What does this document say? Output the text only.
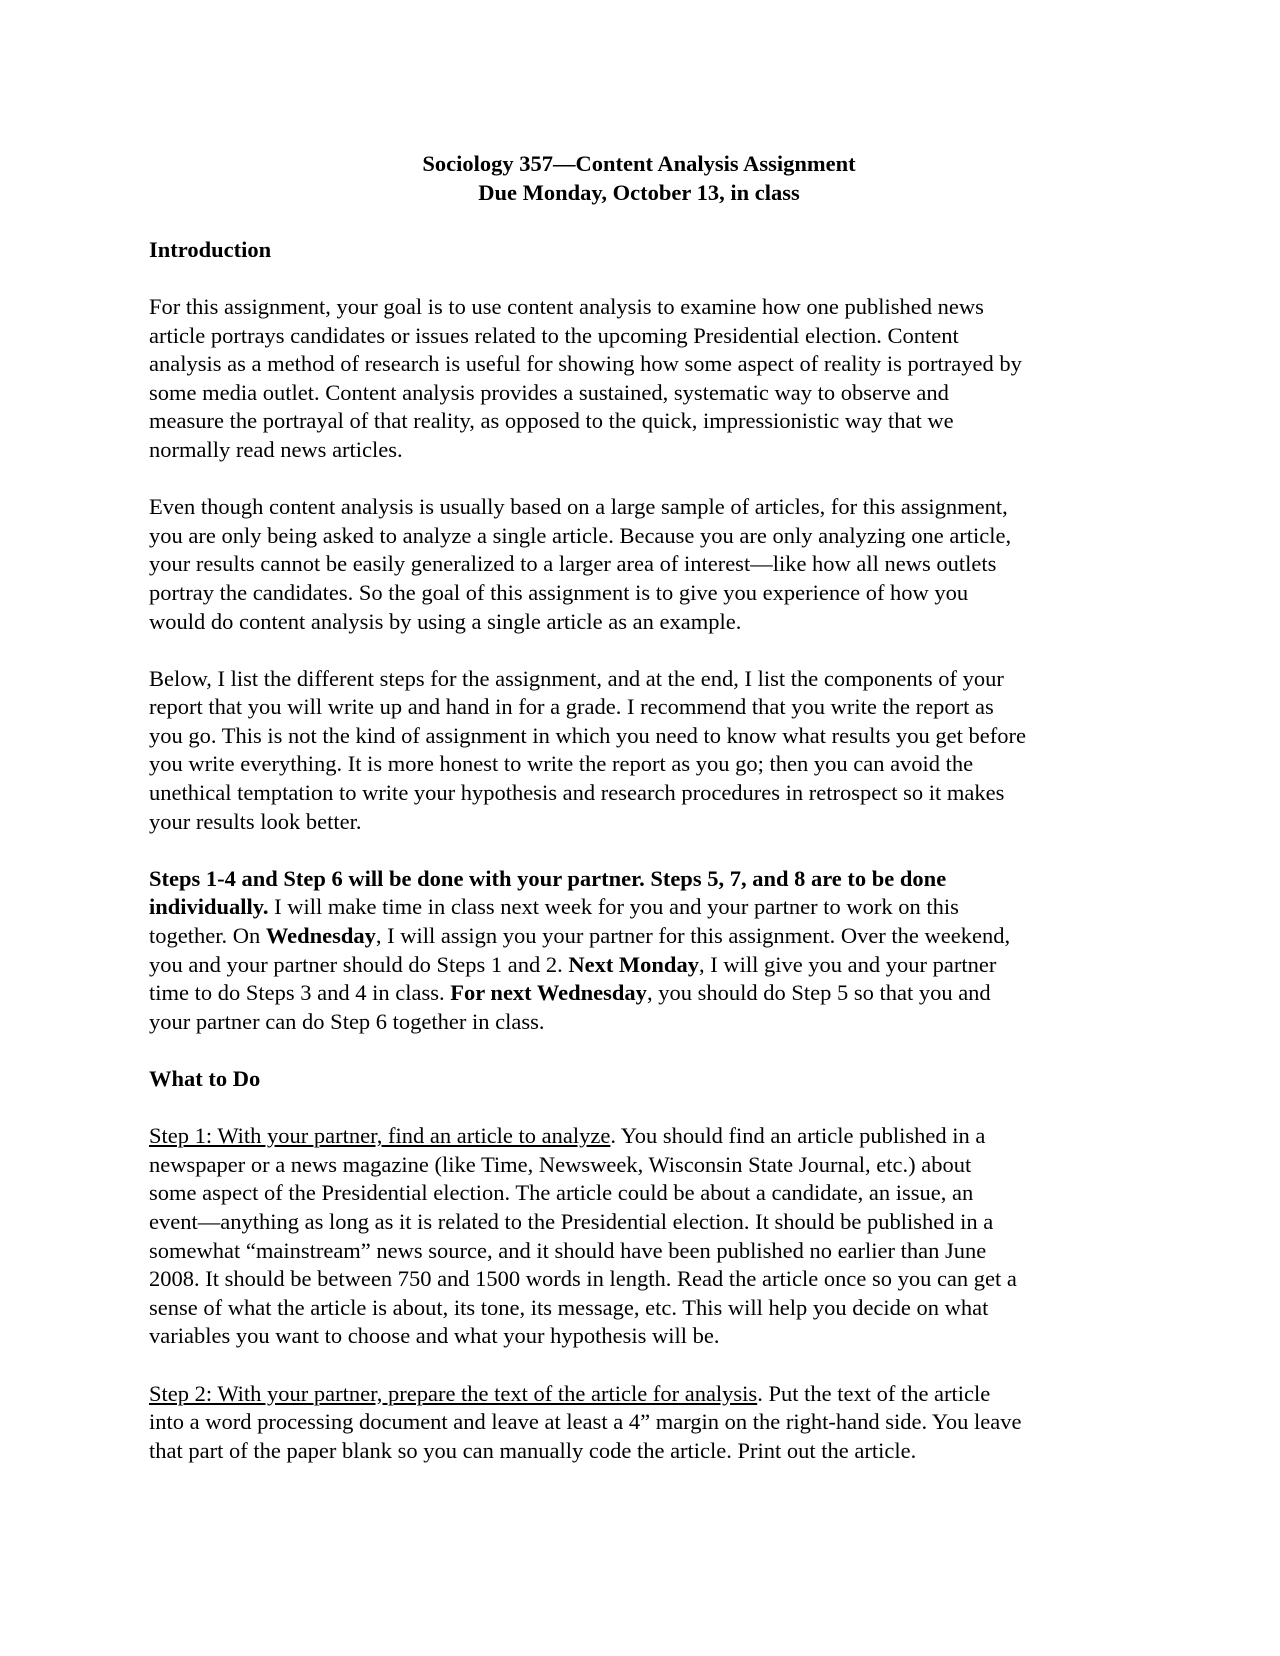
Sociology 357—Content Analysis Assignment
Due Monday, October 13, in class
Introduction

For this assignment, your goal is to use content analysis to examine how one published news
article portrays candidates or issues related to the upcoming Presidential election. Content
analysis as a method of research is useful for showing how some aspect of reality is portrayed by
some media outlet. Content analysis provides a sustained, systematic way to observe and
measure the portrayal of that reality, as opposed to the quick, impressionistic way that we
normally read news articles.

Even though content analysis is usually based on a large sample of articles, for this assignment,
you are only being asked to analyze a single article. Because you are only analyzing one article,
your results cannot be easily generalized to a larger area of interest—like how all news outlets
portray the candidates. So the goal of this assignment is to give you experience of how you
would do content analysis by using a single article as an example.

Below, I list the different steps for the assignment, and at the end, I list the components of your
report that you will write up and hand in for a grade. I recommend that you write the report as
you go. This is not the kind of assignment in which you need to know what results you get before
you write everything. It is more honest to write the report as you go; then you can avoid the
unethical temptation to write your hypothesis and research procedures in retrospect so it makes
your results look better.

Steps 1-4 and Step 6 will be done with your partner. Steps 5, 7, and 8 are to be done
individually. I will make time in class next week for you and your partner to work on this
together. On Wednesday, I will assign you your partner for this assignment. Over the weekend,
you and your partner should do Steps 1 and 2. Next Monday, I will give you and your partner
time to do Steps 3 and 4 in class. For next Wednesday, you should do Step 5 so that you and
your partner can do Step 6 together in class.

What to Do

Step 1: With your partner, find an article to analyze. You should find an article published in a
newspaper or a news magazine (like Time, Newsweek, Wisconsin State Journal, etc.) about
some aspect of the Presidential election. The article could be about a candidate, an issue, an
event—anything as long as it is related to the Presidential election. It should be published in a
somewhat “mainstream” news source, and it should have been published no earlier than June
2008. It should be between 750 and 1500 words in length. Read the article once so you can get a
sense of what the article is about, its tone, its message, etc. This will help you decide on what
variables you want to choose and what your hypothesis will be.

Step 2: With your partner, prepare the text of the article for analysis. Put the text of the article
into a word processing document and leave at least a 4” margin on the right-hand side. You leave
that part of the paper blank so you can manually code the article. Print out the article.
